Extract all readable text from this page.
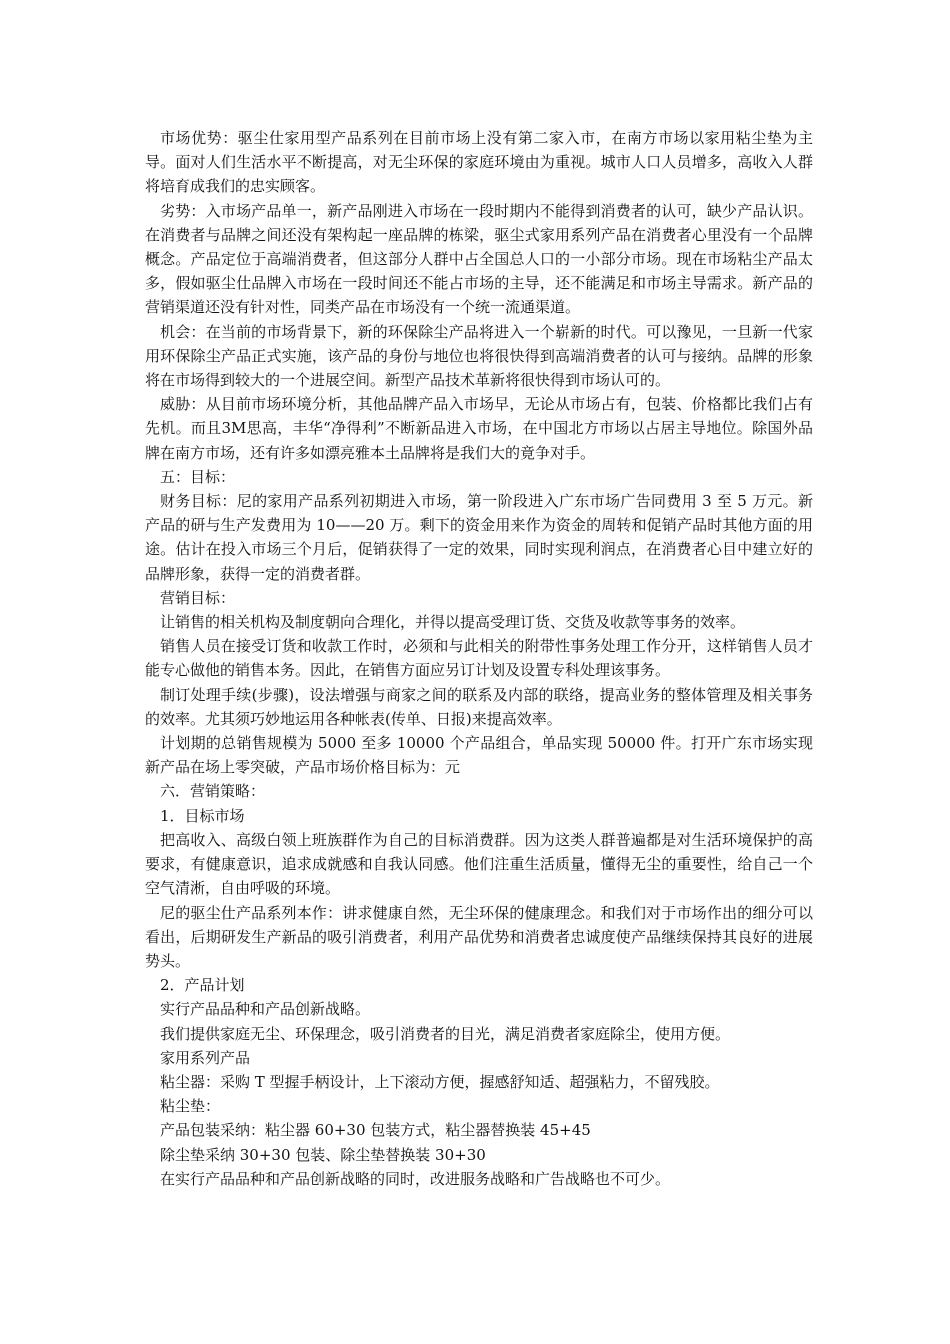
市场优势：驱尘仕家用型产品系列在目前市场上没有第二家入市，在南方市场以家用粘尘垫为主导。面对人们生活水平不断提高，对无尘环保的家庭环境由为重视。城市人口人员增多，高收入人群将培育成我们的忠实顾客。

劣势：入市场产品单一，新产品刚进入市场在一段时期内不能得到消费者的认可，缺少产品认识。在消费者与品牌之间还没有架构起一座品牌的栋梁，驱尘式家用系列产品在消费者心里没有一个品牌概念。产品定位于高端消费者，但这部分人群中占全国总人口的一小部分市场。现在市场粘尘产品太多，假如驱尘仕品牌入市场在一段时间还不能占市场的主导，还不能满足和市场主导需求。新产品的营销渠道还没有针对性，同类产品在市场没有一个统一流通渠道。

机会：在当前的市场背景下，新的环保除尘产品将进入一个崭新的时代。可以豫见，一旦新一代家用环保除尘产品正式实施，该产品的身份与地位也将很快得到高端消费者的认可与接纳。品牌的形象将在市场得到较大的一个进展空间。新型产品技术革新将很快得到市场认可的。

威胁：从目前市场环境分析，其他品牌产品入市场早，无论从市场占有，包装、价格都比我们占有先机。而且3M思高，丰华“净得利”不断新品进入市场，在中国北方市场以占居主导地位。除国外品牌在南方市场，还有许多如漂亮雅本土品牌将是我们大的竟争对手。

五：目标：

财务目标：尼的家用产品系列初期进入市场，第一阶段进入广东市场广告同费用 3 至 5 万元。新产品的研与生产发费用为 10——20 万。剩下的资金用来作为资金的周转和促销产品时其他方面的用途。估计在投入市场三个月后，促销获得了一定的效果，同时实现利润点，在消费者心目中建立好的品牌形象，获得一定的消费者群。

营销目标：

让销售的相关机构及制度朝向合理化，并得以提高受理订货、交货及收款等事务的效率。

销售人员在接受订货和收款工作时，必须和与此相关的附带性事务处理工作分开，这样销售人员才能专心做他的销售本务。因此，在销售方面应另订计划及设置专科处理该事务。

制订处理手续(步骤)，设法增强与商家之间的联系及内部的联络，提高业务的整体管理及相关事务的效率。尤其须巧妙地运用各种帐表(传单、日报)来提高效率。

计划期的总销售规模为 5000 至多 10000 个产品组合，单品实现 50000 件。打开广东市场实现新产品在场上零突破，产品市场价格目标为：元

六．营销策略：

1．目标市场

把高收入、高级白领上班族群作为自己的目标消费群。因为这类人群普遍都是对生活环境保护的高要求，有健康意识，追求成就感和自我认同感。他们注重生活质量，懂得无尘的重要性，给自己一个空气清淅，自由呼吸的环境。

尼的驱尘仕产品系列本作：讲求健康自然，无尘环保的健康理念。和我们对于市场作出的细分可以看出，后期研发生产新品的吸引消费者，利用产品优势和消费者忠诚度使产品继续保持其良好的进展势头。

2．产品计划

实行产品品种和产品创新战略。

我们提供家庭无尘、环保理念，吸引消费者的目光，满足消费者家庭除尘，使用方便。

家用系列产品

粘尘器：采购 T 型握手柄设计，上下滚动方便，握感舒知适、超强粘力，不留残胶。

粘尘垫：

产品包装采纳：粘尘器 60+30 包装方式，粘尘器替换装 45+45

除尘垫采纳 30+30 包装、除尘垫替换装 30+30

在实行产品品种和产品创新战略的同时，改进服务战略和广告战略也不可少。
